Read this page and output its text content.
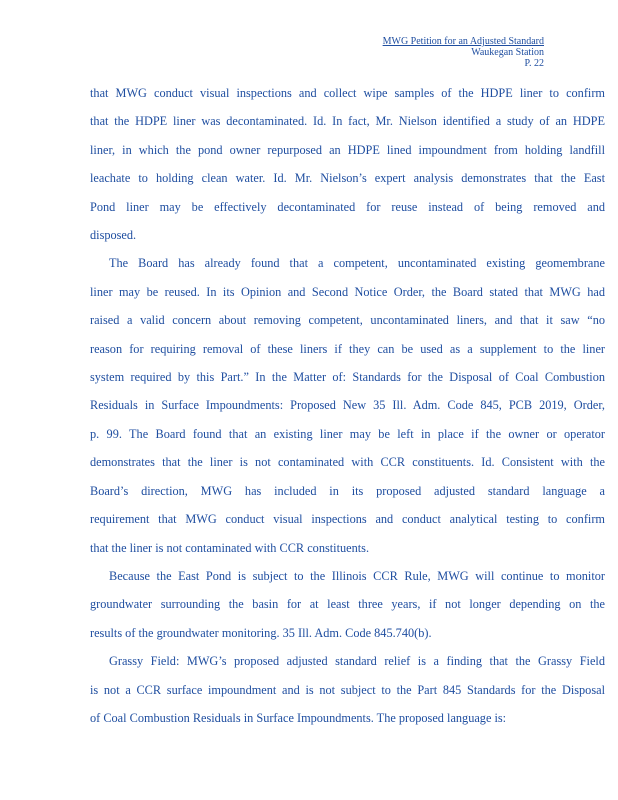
MWG Petition for an Adjusted Standard
Waukegan Station
P. 22
that MWG conduct visual inspections and collect wipe samples of the HDPE liner to confirm
that the HDPE liner was decontaminated. Id. In fact, Mr. Nielson identified a study of an HDPE
liner, in which the pond owner repurposed an HDPE lined impoundment from holding landfill
leachate to holding clean water. Id. Mr. Nielson’s expert analysis demonstrates that the East
Pond liner may be effectively decontaminated for reuse instead of being removed and
disposed.
The Board has already found that a competent, uncontaminated existing geomembrane
liner may be reused. In its Opinion and Second Notice Order, the Board stated that MWG had
raised a valid concern about removing competent, uncontaminated liners, and that it saw “no
reason for requiring removal of these liners if they can be used as a supplement to the liner
system required by this Part.” In the Matter of: Standards for the Disposal of Coal Combustion
Residuals in Surface Impoundments: Proposed New 35 Ill. Adm. Code 845, PCB 2019, Order,
p. 99. The Board found that an existing liner may be left in place if the owner or operator
demonstrates that the liner is not contaminated with CCR constituents. Id. Consistent with the
Board’s direction, MWG has included in its proposed adjusted standard language a
requirement that MWG conduct visual inspections and conduct analytical testing to confirm
that the liner is not contaminated with CCR constituents.
Because the East Pond is subject to the Illinois CCR Rule, MWG will continue to monitor
groundwater surrounding the basin for at least three years, if not longer depending on the
results of the groundwater monitoring. 35 Ill. Adm. Code 845.740(b).
Grassy Field: MWG’s proposed adjusted standard relief is a finding that the Grassy Field
is not a CCR surface impoundment and is not subject to the Part 845 Standards for the Disposal
of Coal Combustion Residuals in Surface Impoundments. The proposed language is:
